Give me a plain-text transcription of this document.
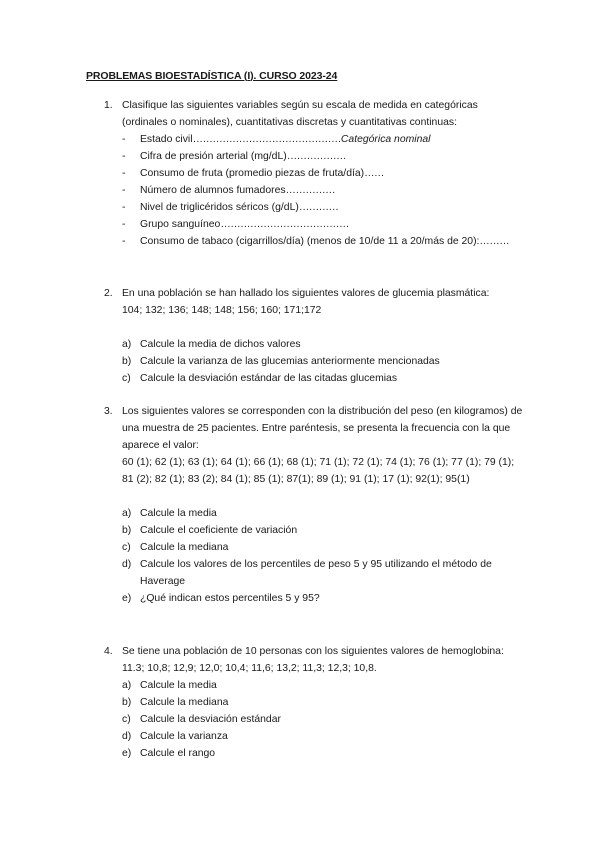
PROBLEMAS BIOESTADÍSTICA (I). CURSO 2023-24
1. Clasifique las siguientes variables según su escala de medida en categóricas (ordinales o nominales), cuantitativas discretas y cuantitativas continuas:

- Estado civil………………………………………Categórica nominal
- Cifra de presión arterial (mg/dL)………………
- Consumo de fruta (promedio piezas de fruta/día)……
- Número de alumnos fumadores……………
- Nivel de triglicéridos séricos (g/dL)…………
- Grupo sanguíneo…………………………………
- Consumo de tabaco (cigarrillos/día) (menos de 10/de 11 a 20/más de 20):………
2. En una población se han hallado los siguientes valores de glucemia plasmática:

104; 132; 136; 148; 148; 156; 160; 171;172

a) Calcule la media de dichos valores
b) Calcule la varianza de las glucemias anteriormente mencionadas
c) Calcule la desviación estándar de las citadas glucemias
3. Los siguientes valores se corresponden con la distribución del peso (en kilogramos) de una muestra de 25 pacientes. Entre paréntesis, se presenta la frecuencia con la que aparece el valor:

60 (1); 62 (1); 63 (1); 64 (1); 66 (1); 68 (1); 71 (1); 72 (1); 74 (1); 76 (1); 77 (1); 79 (1); 81 (2); 82 (1); 83 (2); 84 (1); 85 (1); 87(1); 89 (1); 91 (1); 17 (1); 92(1); 95(1)

a) Calcule la media
b) Calcule el coeficiente de variación
c) Calcule la mediana
d) Calcule los valores de los percentiles de peso 5 y 95 utilizando el método de Haverage
e) ¿Qué indican estos percentiles 5 y 95?
4. Se tiene una población de 10 personas con los siguientes valores de hemoglobina: 11.3; 10,8; 12,9; 12,0; 10,4; 11,6; 13,2; 11,3; 12,3; 10,8.

a) Calcule la media
b) Calcule la mediana
c) Calcule la desviación estándar
d) Calcule la varianza
e) Calcule el rango
